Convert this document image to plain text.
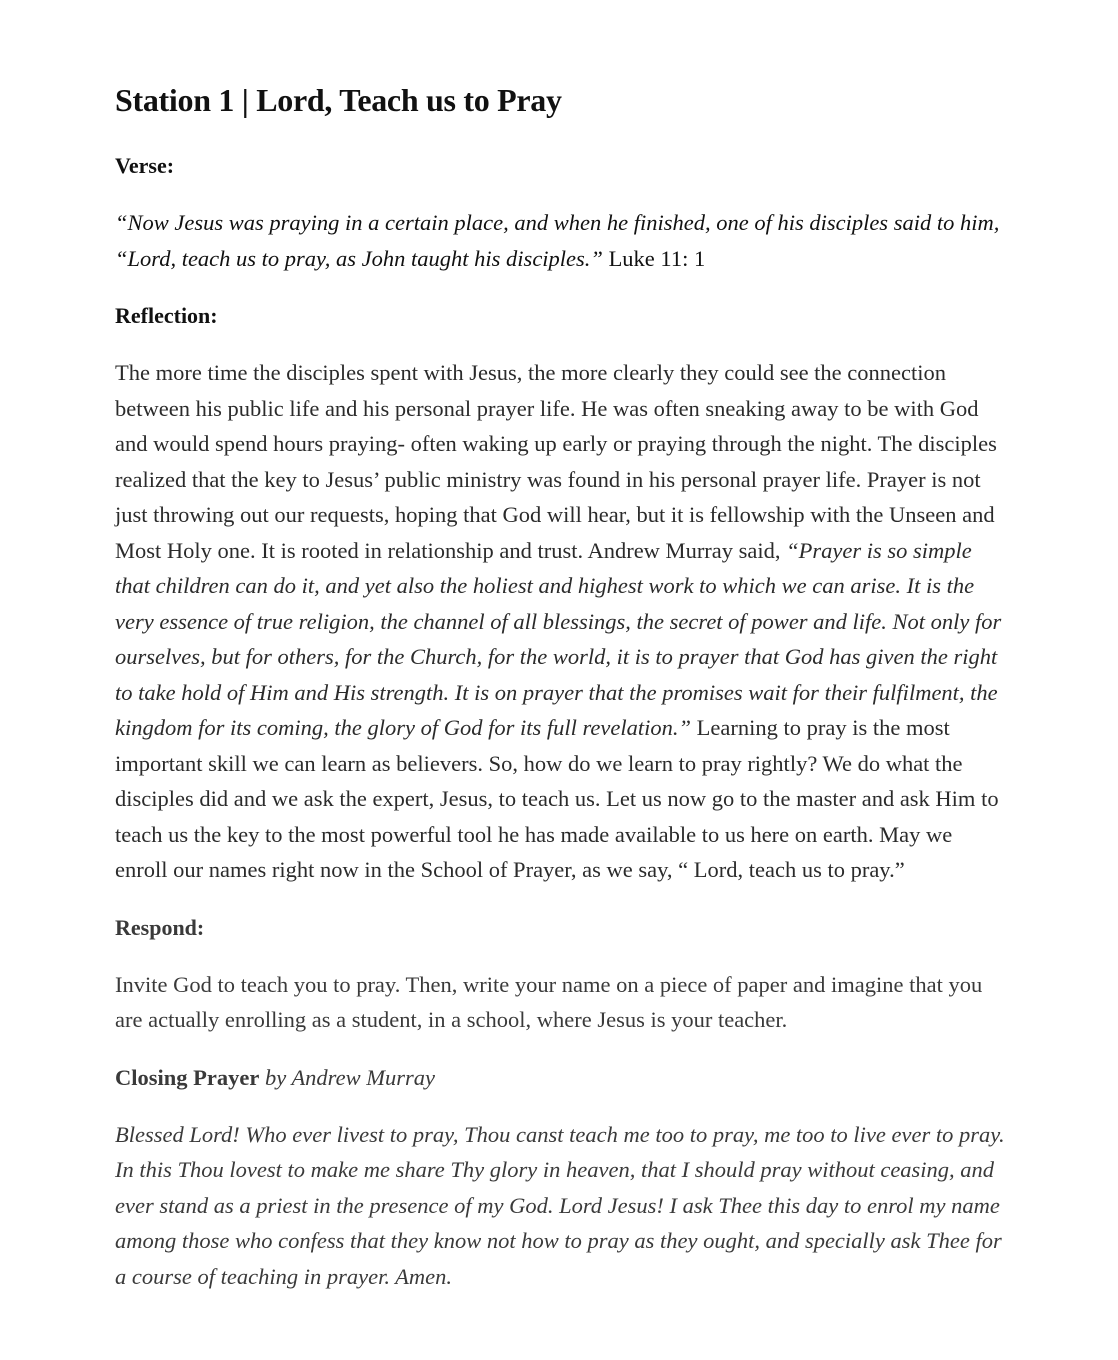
Station 1 | Lord, Teach us to Pray
Verse:

“Now Jesus was praying in a certain place, and when he finished, one of his disciples said to him, “Lord, teach us to pray, as John taught his disciples.” Luke 11: 1

Reflection:

The more time the disciples spent with Jesus, the more clearly they could see the connection between his public life and his personal prayer life. He was often sneaking away to be with God and would spend hours praying- often waking up early or praying through the night. The disciples realized that the key to Jesus’ public ministry was found in his personal prayer life. Prayer is not just throwing out our requests, hoping that God will hear, but it is fellowship with the Unseen and Most Holy one. It is rooted in relationship and trust. Andrew Murray said, “Prayer is so simple that children can do it, and yet also the holiest and highest work to which we can arise. It is the very essence of true religion, the channel of all blessings, the secret of power and life. Not only for ourselves, but for others, for the Church, for the world, it is to prayer that God has given the right to take hold of Him and His strength. It is on prayer that the promises wait for their fulfilment, the kingdom for its coming, the glory of God for its full revelation.” Learning to pray is the most important skill we can learn as believers. So, how do we learn to pray rightly? We do what the disciples did and we ask the expert, Jesus, to teach us. Let us now go to the master and ask Him to teach us the key to the most powerful tool he has made available to us here on earth. May we enroll our names right now in the School of Prayer, as we say, “ Lord, teach us to pray.”

Respond:

Invite God to teach you to pray. Then, write your name on a piece of paper and imagine that you are actually enrolling as a student, in a school, where Jesus is your teacher.

Closing Prayer by Andrew Murray

Blessed Lord! Who ever livest to pray, Thou canst teach me too to pray, me too to live ever to pray. In this Thou lovest to make me share Thy glory in heaven, that I should pray without ceasing, and ever stand as a priest in the presence of my God. Lord Jesus! I ask Thee this day to enrol my name among those who confess that they know not how to pray as they ought, and specially ask Thee for a course of teaching in prayer. Amen.
